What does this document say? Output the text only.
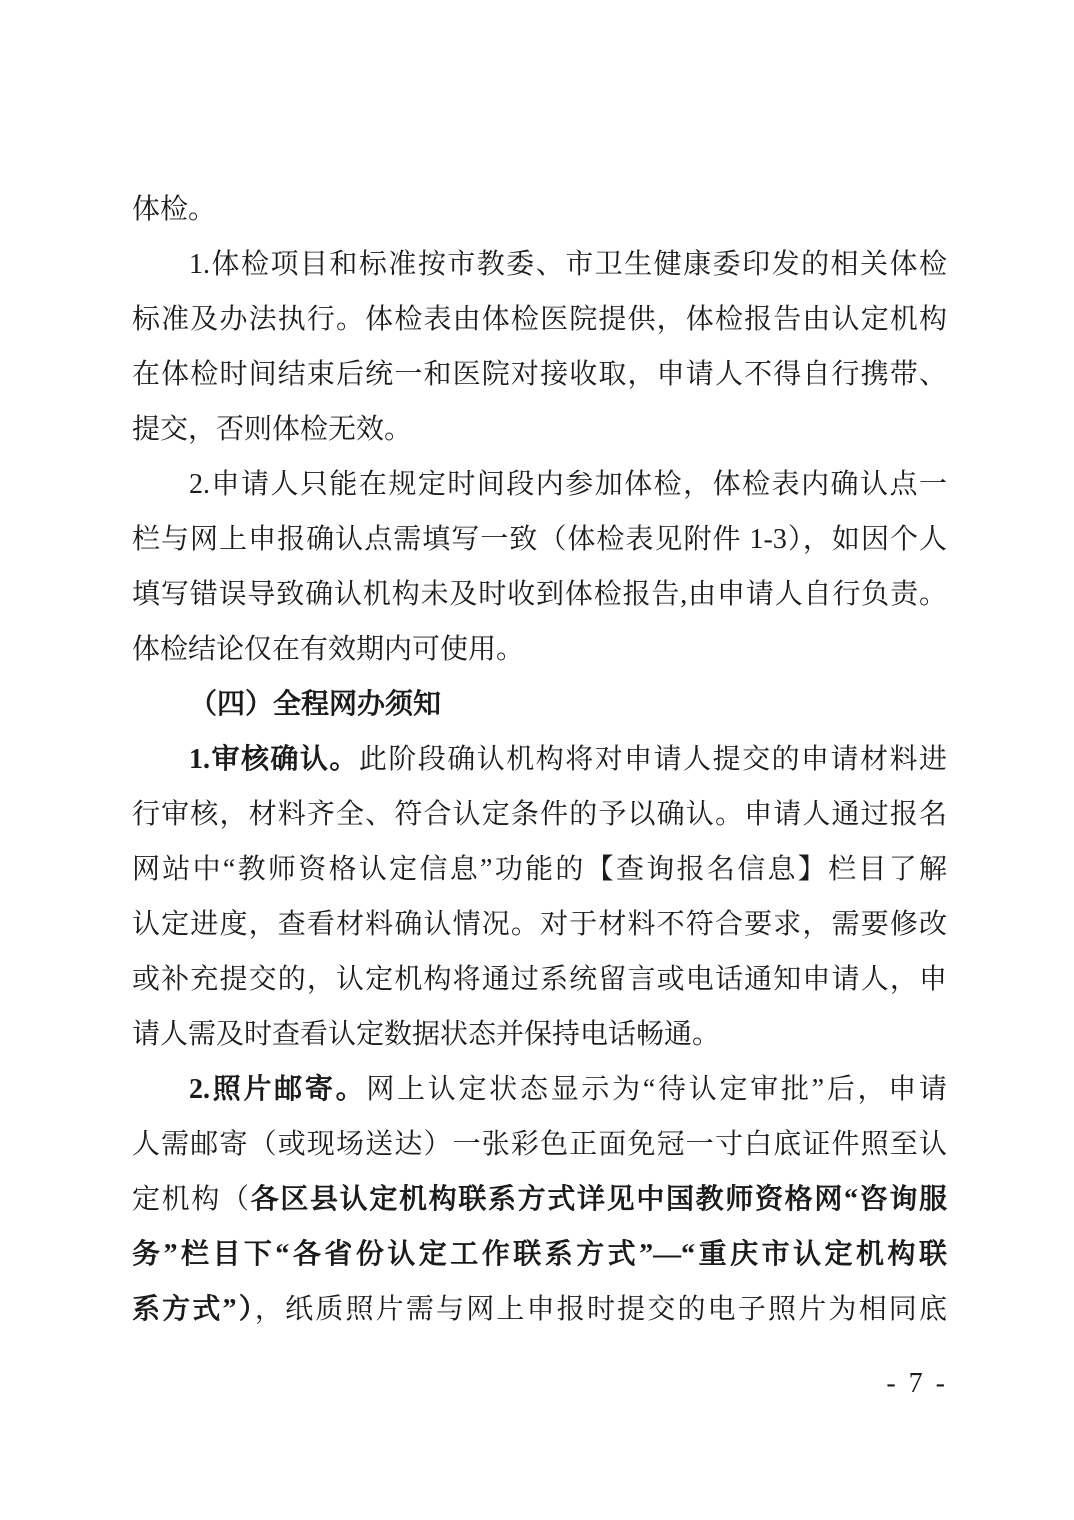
体检。
1.体检项目和标准按市教委、市卫生健康委印发的相关体检
标准及办法执行。体检表由体检医院提供，体检报告由认定机构
在体检时间结束后统一和医院对接收取，申请人不得自行携带、
提交，否则体检无效。
2.申请人只能在规定时间段内参加体检，体检表内确认点一
栏与网上申报确认点需填写一致（体检表见附件 1-3），如因个人
填写错误导致确认机构未及时收到体检报告,由申请人自行负责。
体检结论仅在有效期内可使用。
（四）全程网办须知
1.审核确认。此阶段确认机构将对申请人提交的申请材料进
行审核，材料齐全、符合认定条件的予以确认。申请人通过报名
网站中“教师资格认定信息”功能的【查询报名信息】栏目了解
认定进度，查看材料确认情况。对于材料不符合要求，需要修改
或补充提交的，认定机构将通过系统留言或电话通知申请人，申
请人需及时查看认定数据状态并保持电话畅通。
2.照片邮寄。网上认定状态显示为“待认定审批”后，申请
人需邮寄（或现场送达）一张彩色正面免冠一寸白底证件照至认
定机构（各区县认定机构联系方式详见中国教师资格网“咨询服
务”栏目下“各省份认定工作联系方式”—“重庆市认定机构联
系方式”），纸质照片需与网上申报时提交的电子照片为相同底
- 7 -
